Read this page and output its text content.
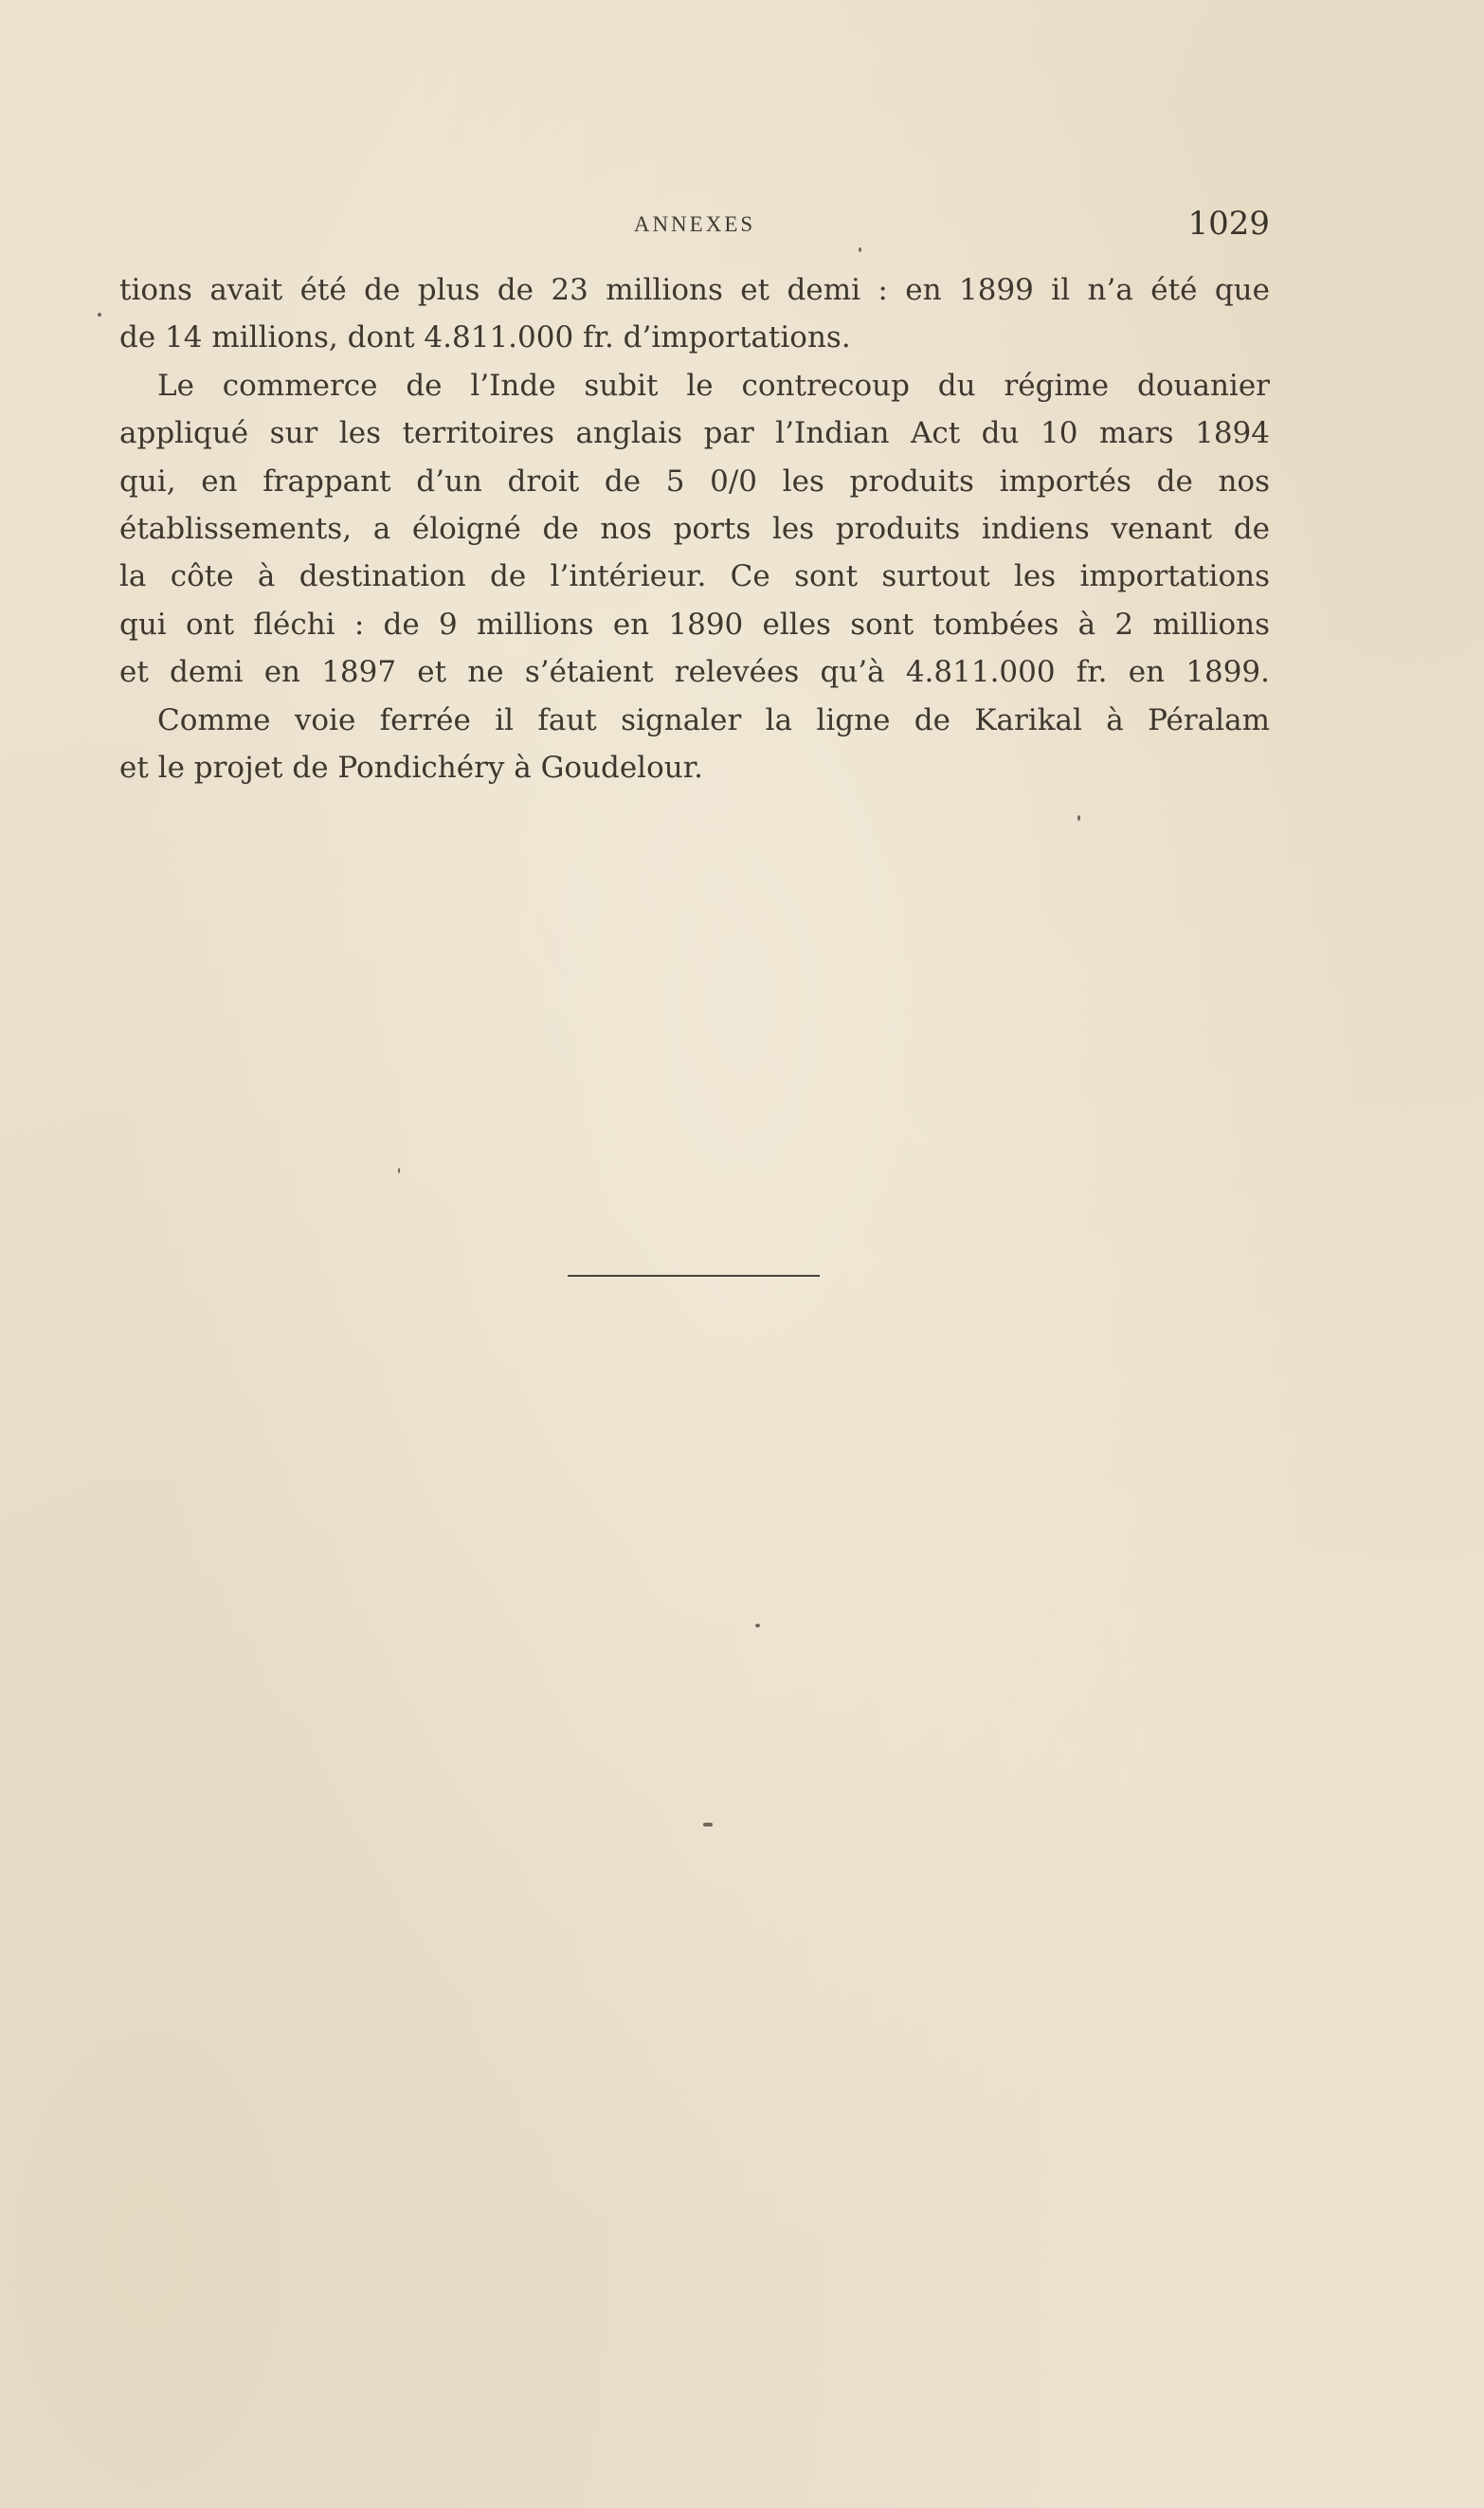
ANNEXES	1029

tions avait été de plus de 23 millions et demi : en 1899 il n’a été que
de 14 millions, dont 4.811.000 fr. d’importations.

Le commerce de l’Inde subit le contrecoup du régime douanier
appliqué sur les territoires anglais par l’Indian Act du 10 mars 1894
qui, en frappant d’un droit de 5 0/0 les produits importés de nos
établissements, a éloigné de nos ports les produits indiens venant de
la côte à destination de l’intérieur. Ce sont surtout les importations
qui ont fléchi : de 9 millions en 1890 elles sont tombées à 2 millions
et demi en 1897 et ne s’étaient relevées qu’à 4.811.000 fr. en 1899.

Comme voie ferrée il faut signaler la ligne de Karikal à Péralam
et le projet de Pondichéry à Goudelour.
